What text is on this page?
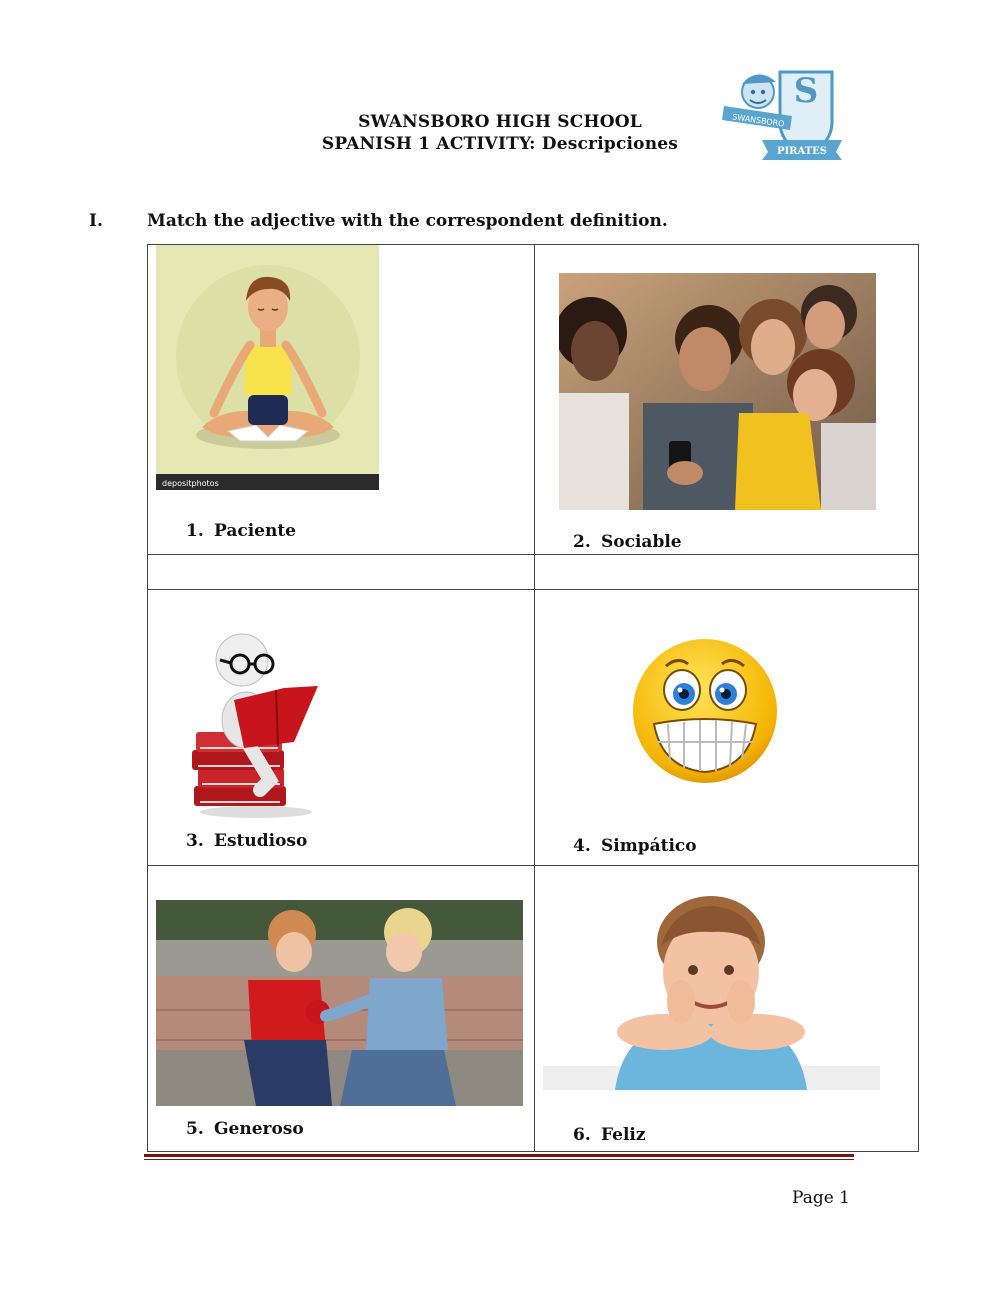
SWANSBORO HIGH SCHOOL
SPANISH 1 ACTIVITY: Descripciones
S
SWANSBORO
PIRATES
I.	Match the adjective with the correspondent definition.
depositphotos
1. Paciente
2. Sociable
3. Estudioso	4. Simpático
5. Generoso	6. Feliz
Page 1
